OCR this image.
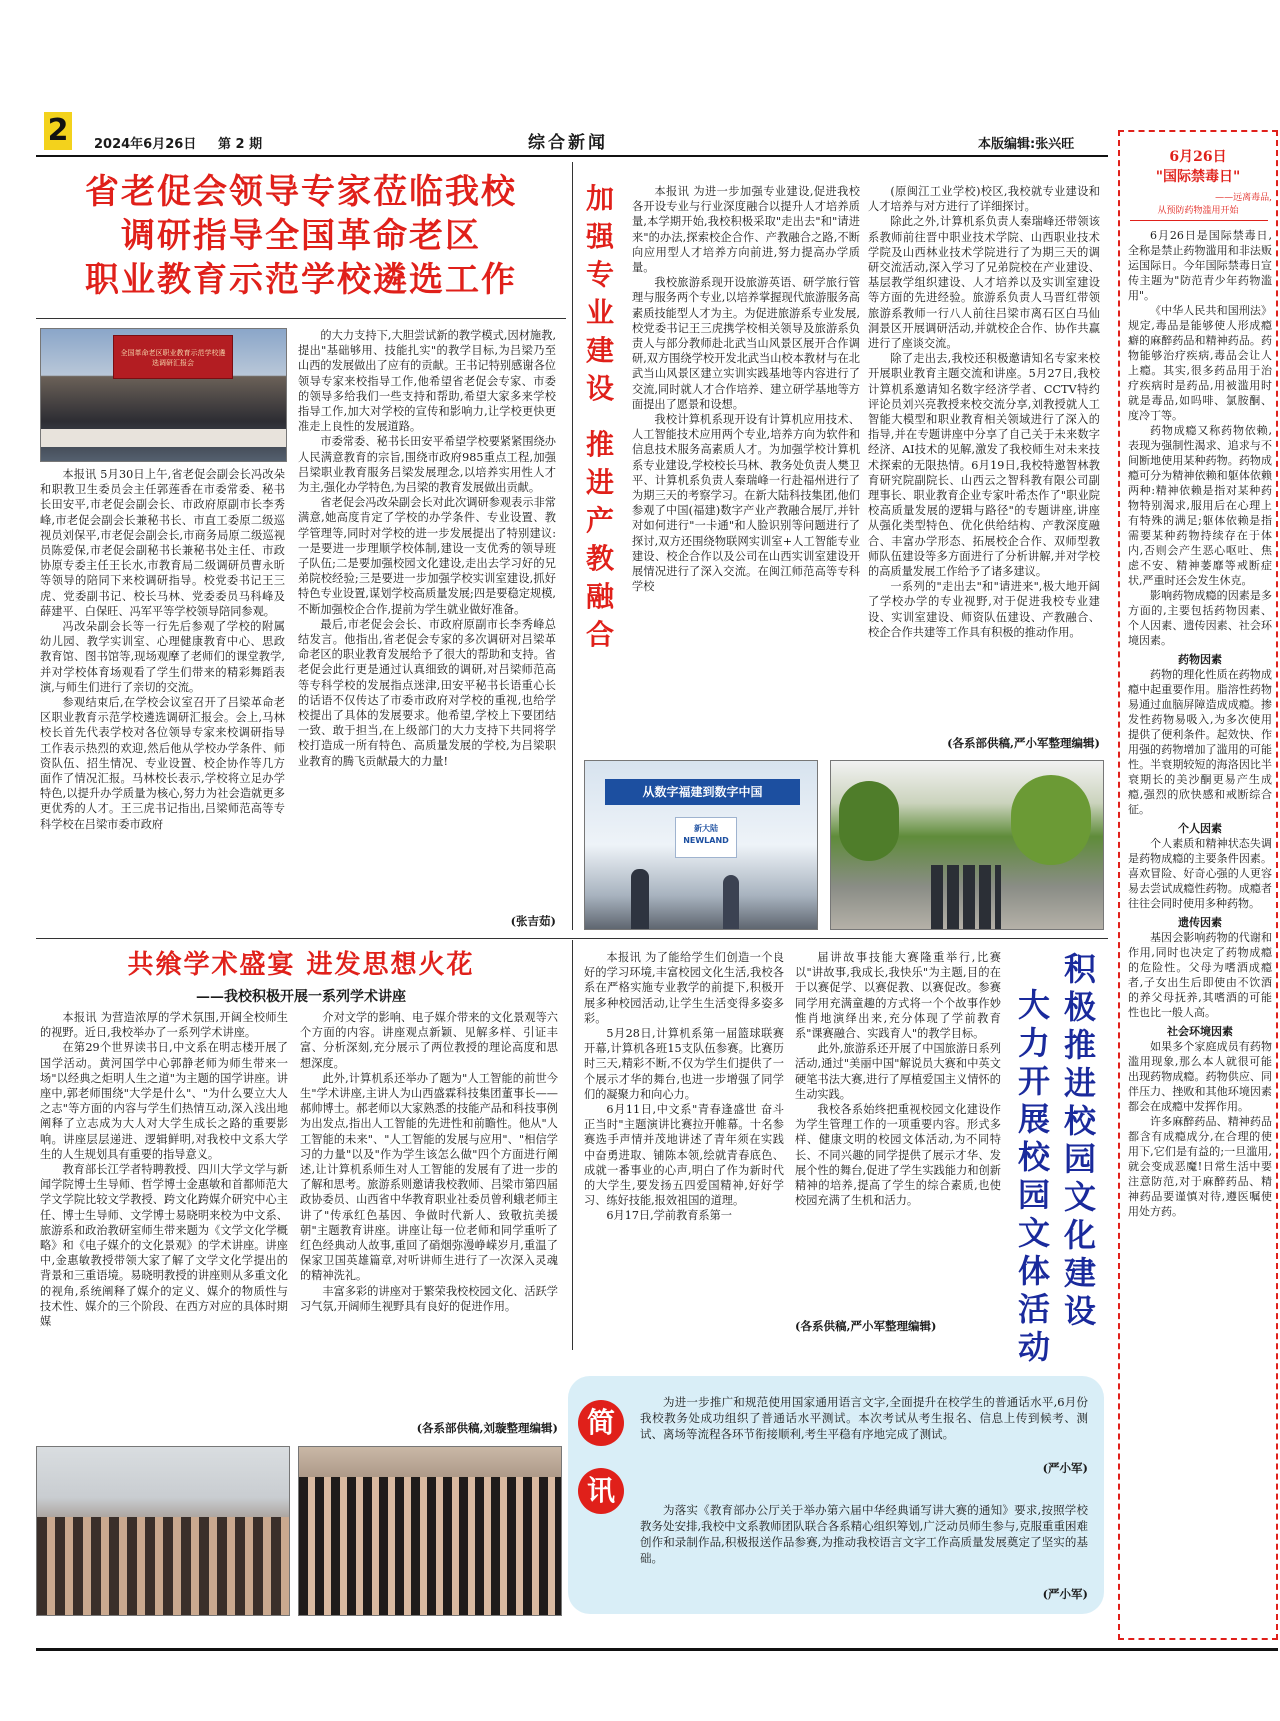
2 2024年6月26日 第 2 期	综合新闻	本版编辑:张兴旺
省老促会领导专家莅临我校
调研指导全国革命老区
职业教育示范学校遴选工作
全国革命老区职业教育示范学校遴选调研汇报会

本报讯 5月30日上午,省老促会副会长冯改朵和职教卫生委员会主任郭莲香在市委常委、秘书长田安平,市老促会副会长、市政府原副市长李秀峰,市老促会副会长兼秘书长、市直工委原二级巡视员刘保平,市老促会副会长,市商务局原二级巡视员陈爱保,市老促会副秘书长兼秘书处主任、市政协原专委主任王长水,市教育局二级调研员曹永昕等领导的陪同下来校调研指导。校党委书记王三虎、党委副书记、校长马林、党委委员马科峰及薛建平、白保旺、冯军平等学校领导陪同参观。

冯改朵副会长等一行先后参观了学校的附属幼儿园、教学实训室、心理健康教育中心、思政教育馆、图书馆等,现场观摩了老师们的课堂教学,并对学校体育场观看了学生们带来的精彩舞蹈表演,与师生们进行了亲切的交流。

参观结束后,在学校会议室召开了吕梁革命老区职业教育示范学校遴选调研汇报会。会上,马林校长首先代表学校对各位领导专家来校调研指导工作表示热烈的欢迎,然后他从学校办学条件、师资队伍、招生情况、专业设置、校企协作等几方面作了情况汇报。马林校长表示,学校将立足办学特色,以提升办学质量为核心,努力为社会造就更多更优秀的人才。王三虎书记指出,吕梁师范高等专科学校在吕梁市委市政府

的大力支持下,大胆尝试新的教学模式,因材施教,提出"基础够用、技能扎实"的教学目标,为吕梁乃至山西的发展做出了应有的贡献。王书记特别感谢各位领导专家来校指导工作,他希望省老促会专家、市委的领导多给我们一些支持和帮助,希望大家多来学校指导工作,加大对学校的宣传和影响力,让学校更快更准走上良性的发展道路。

市委常委、秘书长田安平希望学校要紧紧围绕办人民满意教育的宗旨,围绕市政府985重点工程,加强吕梁职业教育服务吕梁发展理念,以培养实用性人才为主,强化办学特色,为吕梁的教育发展做出贡献。

省老促会冯改朵副会长对此次调研参观表示非常满意,她高度肯定了学校的办学条件、专业设置、教学管理等,同时对学校的进一步发展提出了特别建议:一是要进一步理顺学校体制,建设一支优秀的领导班子队伍;二是要加强校园文化建设,走出去学习好的兄弟院校经验;三是要进一步加强学校实训室建设,抓好特色专业设置,谋划学校高质量发展;四是要稳定规模,不断加强校企合作,提前为学生就业做好准备。

最后,市老促会会长、市政府原副市长李秀峰总结发言。他指出,省老促会专家的多次调研对吕梁革命老区的职业教育发展给予了很大的帮助和支持。省老促会此行更是通过认真细致的调研,对吕梁师范高等专科学校的发展指点迷津,田安平秘书长语重心长的话语不仅传达了市委市政府对学校的重视,也给学校提出了具体的发展要求。他希望,学校上下要团结一致、敢于担当,在上级部门的大力支持下共同将学校打造成一所有特色、高质量发展的学校,为吕梁职业教育的腾飞贡献最大的力量!

(张吉茹)
加
强
专
业
建
设
推
进
产
教
融
合

本报讯 为进一步加强专业建设,促进我校各开设专业与行业深度融合以提升人才培养质量,本学期开始,我校积极采取"走出去"和"请进来"的办法,探索校企合作、产教融合之路,不断向应用型人才培养方向前进,努力提高办学质量。

我校旅游系现开设旅游英语、研学旅行管理与服务两个专业,以培养掌握现代旅游服务高素质技能型人才为主。为促进旅游系专业发展,校党委书记王三虎携学校相关领导及旅游系负责人与部分教师赴北武当山风景区展开合作调研,双方围绕学校开发北武当山校本教材与在北武当山风景区建立实训实践基地等内容进行了交流,同时就人才合作培养、建立研学基地等方面提出了愿景和设想。

我校计算机系现开设有计算机应用技术、人工智能技术应用两个专业,培养方向为软件和信息技术服务高素质人才。为加强学校计算机系专业建设,学校校长马林、教务处负责人樊卫平、计算机系负责人秦瑞峰一行赴福州进行了为期三天的考察学习。在新大陆科技集团,他们参观了中国(福建)数字产业产教融合展厅,并针对如何进行"一卡通"和人脸识别等问题进行了探讨,双方还围绕物联网实训室+人工智能专业建设、校企合作以及公司在山西实训室建设开展情况进行了深入交流。在闽江师范高等专科学校

(原闽江工业学校)校区,我校就专业建设和人才培养与对方进行了详细探讨。

除此之外,计算机系负责人秦瑞峰还带领该系教师前往晋中职业技术学院、山西职业技术学院及山西林业技术学院进行了为期三天的调研交流活动,深入学习了兄弟院校在产业建设、基层教学组织建设、人才培养以及实训室建设等方面的先进经验。旅游系负责人马晋红带领旅游系教师一行八人前往吕梁市离石区白马仙洞景区开展调研活动,并就校企合作、协作共赢进行了座谈交流。

除了走出去,我校还积极邀请知名专家来校开展职业教育主题交流和讲座。5月27日,我校计算机系邀请知名数字经济学者、CCTV特约评论员刘兴亮教授来校交流分享,刘教授就人工智能大模型和职业教育相关领域进行了深入的指导,并在专题讲座中分享了自己关于未来数字经济、AI技术的见解,激发了我校师生对未来技术探索的无限热情。6月19日,我校特邀智林教育研究院副院长、山西云之智科教有限公司副理事长、职业教育企业专家叶希杰作了"职业院校高质量发展的逻辑与路径"的专题讲座,讲座从强化类型特色、优化供给结构、产教深度融合、丰富办学形态、拓展校企合作、双师型教师队伍建设等多方面进行了分析讲解,并对学校的高质量发展工作给予了诸多建议。

一系列的"走出去"和"请进来",极大地开阔了学校办学的专业视野,对于促进我校专业建设、实训室建设、师资队伍建设、产教融合、校企合作共建等工作具有积极的推动作用。

(各系部供稿,严小军整理编辑)
从数字福建到数字中国
新大陆 NEWLAND
共飨学术盛宴 进发思想火花
——我校积极开展一系列学术讲座

本报讯 为营造浓厚的学术氛围,开阔全校师生的视野。近日,我校举办了一系列学术讲座。

在第29个世界读书日,中文系在明志楼开展了国学活动。黄河国学中心郭静老师为师生带来一场"以经典之炬明人生之道"为主题的国学讲座。讲座中,郭老师围绕"大学是什么"、"为什么要立大人之志"等方面的内容与学生们热情互动,深入浅出地阐释了立志成为大人对大学生成长之路的重要影响。讲座层层递进、逻辑鲜明,对我校中文系大学生的人生规划具有重要的指导意义。

教育部长江学者特聘教授、四川大学文学与新闻学院博士生导师、哲学博士金惠敏和首都师范大学文学院比较文学教授、跨文化跨媒介研究中心主任、博士生导师、文学博士易晓明来校为中文系、旅游系和政治教研室师生带来题为《文学文化学概略》和《电子媒介的文化景观》的学术讲座。讲座中,金惠敏教授带领大家了解了文学文化学提出的背景和三重语境。易晓明教授的讲座则从多重文化的视角,系统阐释了媒介的定义、媒介的物质性与技术性、媒介的三个阶段、在西方对应的具体时期媒

介对文学的影响、电子媒介带来的文化景观等六个方面的内容。讲座观点新颖、见解多样、引证丰富、分析深刻,充分展示了两位教授的理论高度和思想深度。

此外,计算机系还举办了题为"人工智能的前世今生"学术讲座,主讲人为山西盛霖科技集团董事长——郝帅博士。郝老师以大家熟悉的技能产品和科技事例为出发点,指出人工智能的先进性和前瞻性。他从"人工智能的未来"、"人工智能的发展与应用"、"相信学习的力量"以及"作为学生该怎么做"四个方面进行阐述,让计算机系师生对人工智能的发展有了进一步的了解和思考。旅游系则邀请我校教师、吕梁市第四届政协委员、山西省中华教育职业社委员曾利蛾老师主讲了"传承红色基因、争做时代新人、致敬抗美援朝"主题教育讲座。讲座让每一位老师和同学重听了红色经典动人故事,重回了硝烟弥漫峥嵘岁月,重温了保家卫国英雄篇章,对听讲师生进行了一次深入灵魂的精神洗礼。

丰富多彩的讲座对于繁荣我校校园文化、活跃学习气氛,开阔师生视野具有良好的促进作用。

(各系部供稿,刘璇整理编辑)

本报讯 为了能给学生们创造一个良好的学习环境,丰富校园文化生活,我校各系在严格实施专业教学的前提下,积极开展多种校园活动,让学生生活变得多姿多彩。

5月28日,计算机系第一届篮球联赛开幕,计算机各班15支队伍参赛。比赛历时三天,精彩不断,不仅为学生们提供了一个展示才华的舞台,也进一步增强了同学们的凝聚力和向心力。

6月11日,中文系"青春逢盛世 奋斗正当时"主题演讲比赛拉开帷幕。十名参赛选手声情并茂地讲述了青年须在实践中奋勇进取、铺陈本领,绘就青春底色、成就一番事业的心声,明白了作为新时代的大学生,要发扬五四爱国精神,好好学习、练好技能,报效祖国的道理。

6月17日,学前教育系第一

届讲故事技能大赛隆重举行,比赛以"讲故事,我成长,我快乐"为主题,目的在于以赛促学、以赛促教、以赛促改。参赛同学用充满童趣的方式将一个个故事作妙惟肖地演绎出来,充分体现了学前教育系"课赛融合、实践育人"的教学目标。

此外,旅游系还开展了中国旅游日系列活动,通过"美丽中国"解说员大赛和中英文硬笔书法大赛,进行了厚植爱国主义情怀的生动实践。

我校各系始终把重视校园文化建设作为学生管理工作的一项重要内容。形式多样、健康文明的校园文体活动,为不同特长、不同兴趣的同学提供了展示才华、发展个性的舞台,促进了学生实践能力和创新精神的培养,提高了学生的综合素质,也使校园充满了生机和活力。

(各系供稿,严小军整理编辑)
积
极
推
进
校
园
文
化
建
设
大
力
开
展
校
园
文
体
活
动
简
讯

为进一步推广和规范使用国家通用语言文字,全面提升在校学生的普通话水平,6月份我校教务处成功组织了普通话水平测试。本次考试从考生报名、信息上传到候考、测试、离场等流程各环节衔接顺利,考生平稳有序地完成了测试。

(严小军)

为落实《教育部办公厅关于举办第六届中华经典诵写讲大赛的通知》要求,按照学校教务处安排,我校中文系教师团队联合各系精心组织筹划,广泛动员师生参与,克服重重困难创作和录制作品,积极报送作品参赛,为推动我校语言文字工作高质量发展奠定了坚实的基础。

(严小军)
6月26日
"国际禁毒日"
——远离毒品,
从预防药物滥用开始

6月26日是国际禁毒日,全称是禁止药物滥用和非法贩运国际日。今年国际禁毒日宣传主题为"防范青少年药物滥用"。

《中华人民共和国刑法》规定,毒品是能够使人形成瘾癖的麻醉药品和精神药品。药物能够治疗疾病,毒品会让人上瘾。其实,很多药品用于治疗疾病时是药品,用被滥用时就是毒品,如吗啡、氯胺酮、度冷丁等。

药物成瘾又称药物依赖,表现为强制性渴求、追求与不间断地使用某种药物。药物成瘾可分为精神依赖和躯体依赖两种:精神依赖是指对某种药物特别渴求,服用后在心理上有特殊的满足;躯体依赖是指需要某种药物持续存在于体内,否则会产生恶心呕吐、焦虑不安、精神萎靡等戒断症状,严重时还会发生休克。

影响药物成瘾的因素是多方面的,主要包括药物因素、个人因素、遗传因素、社会环境因素。

药物因素

药物的理化性质在药物成瘾中起重要作用。脂溶性药物易通过血脑屏障造成成瘾。掺发性药物易吸入,为多次使用提供了便利条件。起效快、作用强的药物增加了滥用的可能性。半衰期较短的海洛因比半衰期长的美沙酮更易产生成瘾,强烈的欣快感和戒断综合征。

个人因素

个人素质和精神状态失调是药物成瘾的主要条件因素。喜欢冒险、好奇心强的人更容易去尝试成瘾性药物。成瘾者往往会同时使用多种药物。

遗传因素

基因会影响药物的代谢和作用,同时也决定了药物成瘾的危险性。父母为嗜酒成瘾者,子女出生后即使由不饮酒的养父母抚养,其嗜酒的可能性也比一般人高。

社会环境因素

如果多个家庭成员有药物滥用现象,那么本人就很可能出现药物成瘾。药物供应、同伴压力、挫败和其他环境因素都会在成瘾中发挥作用。

许多麻醉药品、精神药品都含有成瘾成分,在合理的使用下,它们是有益的;一旦滥用,就会变成恶魔!日常生活中要注意防范,对于麻醉药品、精神药品要谨慎对待,遵医嘱使用处方药。
